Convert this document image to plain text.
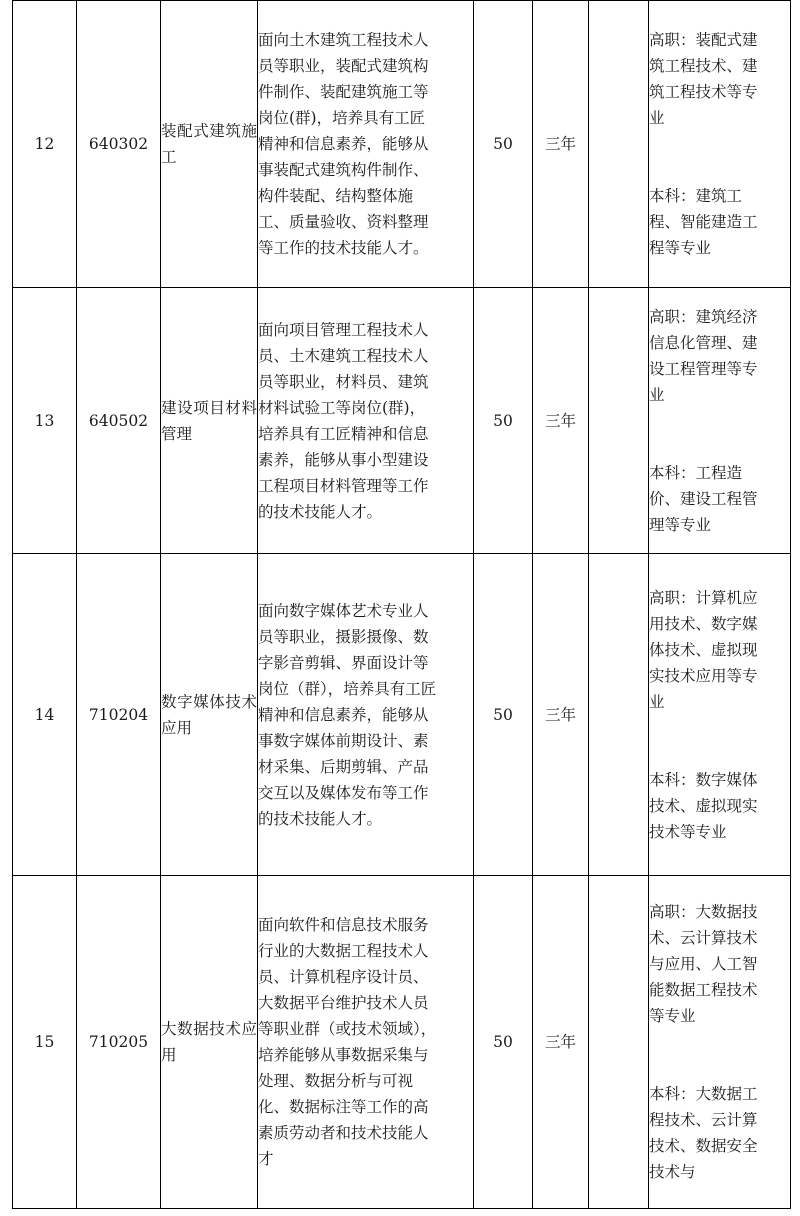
12	640302	装配式建筑施工	面向土木建筑工程技术人员等职业，装配式建筑构件制作、装配建筑施工等岗位(群)，培养具有工匠精神和信息素养，能够从事装配式建筑构件制作、构件装配、结构整体施工、质量验收、资料整理等工作的技术技能人才。	50	三年		高职：装配式建筑工程技术、建筑工程技术等专业
本科：建筑工程、智能建造工程等专业

13	640502	建设项目材料管理	面向项目管理工程技术人员、土木建筑工程技术人员等职业，材料员、建筑材料试验工等岗位(群)，培养具有工匠精神和信息素养，能够从事小型建设工程项目材料管理等工作的技术技能人才。	50	三年		高职：建筑经济信息化管理、建设工程管理等专业
本科：工程造价、建设工程管理等专业

14	710204	数字媒体技术应用	面向数字媒体艺术专业人员等职业，摄影摄像、数字影音剪辑、界面设计等岗位（群），培养具有工匠精神和信息素养，能够从事数字媒体前期设计、素材采集、后期剪辑、产品交互以及媒体发布等工作的技术技能人才。	50	三年		高职：计算机应用技术、数字媒体技术、虚拟现实技术应用等专业
本科：数字媒体技术、虚拟现实技术等专业

15	710205	大数据技术应用	面向软件和信息技术服务行业的大数据工程技术人员、计算机程序设计员、大数据平台维护技术人员等职业群（或技术领域），培养能够从事数据采集与处理、数据分析与可视化、数据标注等工作的高素质劳动者和技术技能人才	50	三年		高职：大数据技术、云计算技术与应用、人工智能数据工程技术等专业
本科：大数据工程技术、云计算技术、数据安全技术与
